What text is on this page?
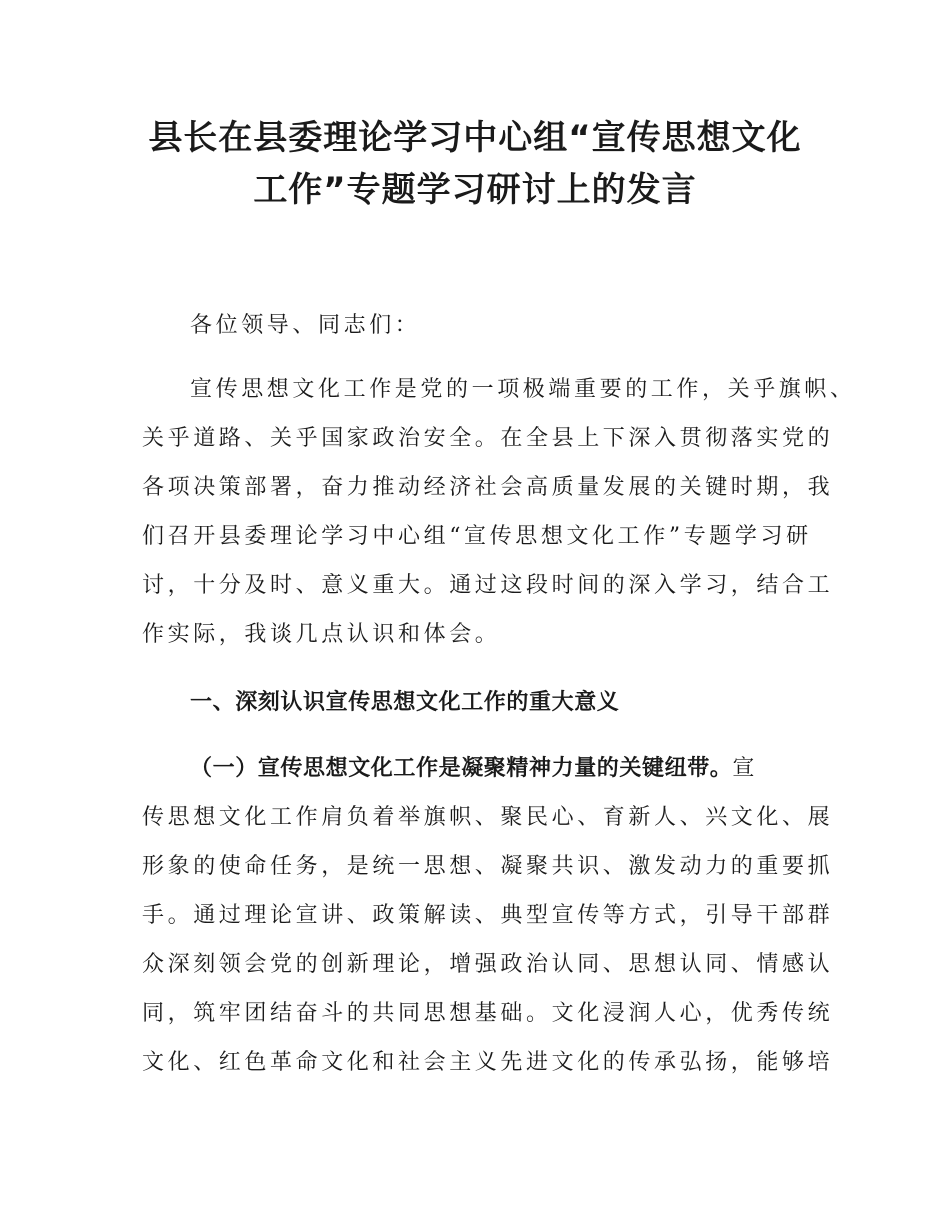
县长在县委理论学习中心组“宣传思想文化
工作”专题学习研讨上的发言
各位领导、同志们：
宣传思想文化工作是党的一项极端重要的工作，关乎旗帜、
关乎道路、关乎国家政治安全。在全县上下深入贯彻落实党的
各项决策部署，奋力推动经济社会高质量发展的关键时期，我
们召开县委理论学习中心组“宣传思想文化工作”专题学习研
讨，十分及时、意义重大。通过这段时间的深入学习，结合工
作实际，我谈几点认识和体会。
一、深刻认识宣传思想文化工作的重大意义
（一）宣传思想文化工作是凝聚精神力量的关键纽带。宣
传思想文化工作肩负着举旗帜、聚民心、育新人、兴文化、展
形象的使命任务，是统一思想、凝聚共识、激发动力的重要抓
手。通过理论宣讲、政策解读、典型宣传等方式，引导干部群
众深刻领会党的创新理论，增强政治认同、思想认同、情感认
同，筑牢团结奋斗的共同思想基础。文化浸润人心，优秀传统
文化、红色革命文化和社会主义先进文化的传承弘扬，能够培
